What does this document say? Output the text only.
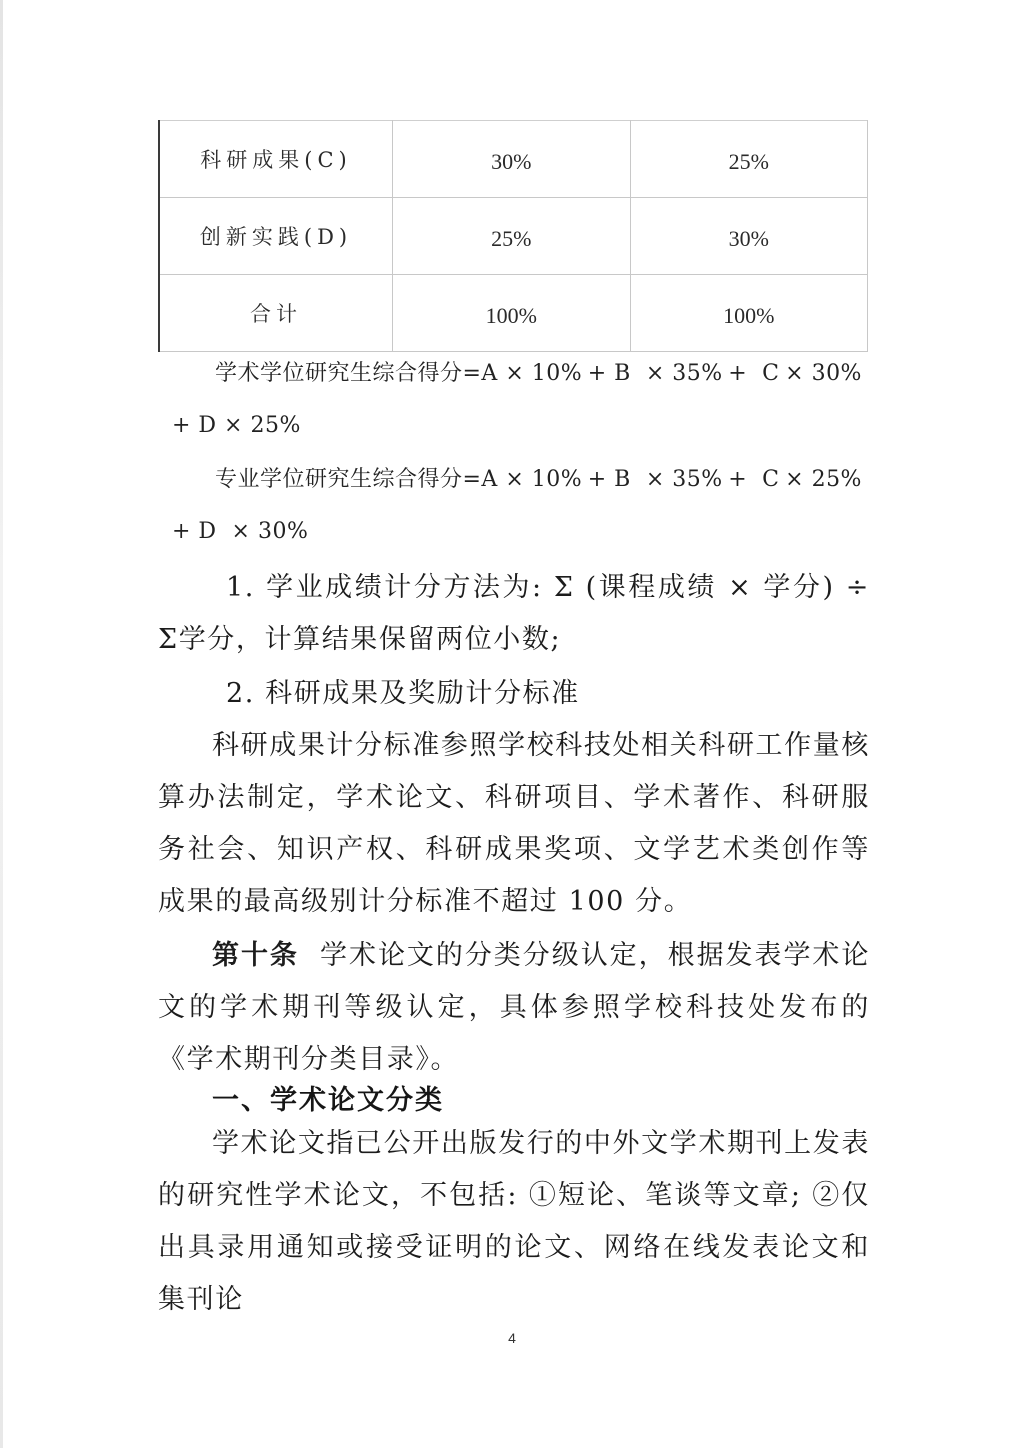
科研成果(C)	30%	25%
创新实践(D)	25%	30%
合计	100%	100%
学术学位研究生综合得分=A × 10% + B  × 35% +  C × 30%
+ D × 25%
专业学位研究生综合得分=A × 10% + B  × 35% +  C × 25%
+ D  × 30%
1. 学业成绩计分方法为: Σ (课程成绩 × 学分) ÷ Σ学分，计算结果保留两位小数;
2. 科研成果及奖励计分标准
科研成果计分标准参照学校科技处相关科研工作量核算办法制定，学术论文、科研项目、学术著作、科研服务社会、知识产权、科研成果奖项、文学艺术类创作等成果的最高级别计分标准不超过 100 分。
第十条 学术论文的分类分级认定，根据发表学术论文的学术期刊等级认定，具体参照学校科技处发布的《学术期刊分类目录》。
一、学术论文分类
学术论文指已公开出版发行的中外文学术期刊上发表的研究性学术论文，不包括: ①短论、笔谈等文章; ②仅出具录用通知或接受证明的论文、网络在线发表论文和集刊论
4
